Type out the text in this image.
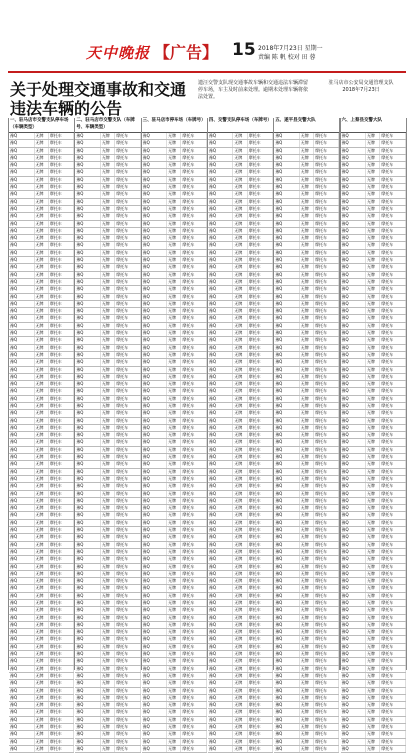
天中晚报 【广告】 15 2018年7月23日 星期一
责编 陈 帆 校对 田 蓉
关于处理交通事故和交通违法车辆的公告
遗汪交警支队现交通事故车辆和交通违法车辆滞留停车场，车主及时前来处理。逾期未处理车辆将依法处置。
驻马店市公安局交通管理支队
2018年7月23日
一、驻马店市交警支队停车场（车辆类型）
豫Q	无牌	摩托车
豫Q	无牌	摩托车
豫Q	无牌	摩托车
豫Q	无牌	摩托车
豫Q	无牌	摩托车
豫Q	无牌	摩托车
豫Q	无牌	摩托车
豫Q	无牌	摩托车
豫Q	无牌	摩托车
豫Q	无牌	摩托车
豫Q	无牌	摩托车
豫Q	无牌	摩托车
豫Q	无牌	摩托车
豫Q	无牌	摩托车
豫Q	无牌	摩托车
豫Q	无牌	摩托车
豫Q	无牌	摩托车
豫Q	无牌	摩托车
豫Q	无牌	摩托车
豫Q	无牌	摩托车
豫Q	无牌	摩托车
豫Q	无牌	摩托车
豫Q	无牌	摩托车
豫Q	无牌	摩托车
豫Q	无牌	摩托车
豫Q	无牌	摩托车
豫Q	无牌	摩托车
豫Q	无牌	摩托车
豫Q	无牌	摩托车
豫Q	无牌	摩托车
豫Q	无牌	摩托车
豫Q	无牌	摩托车
豫Q	无牌	摩托车
豫Q	无牌	摩托车
豫Q	无牌	摩托车
豫Q	无牌	摩托车
豫Q	无牌	摩托车
豫Q	无牌	摩托车
豫Q	无牌	摩托车
豫Q	无牌	摩托车
豫Q	无牌	摩托车
豫Q	无牌	摩托车
豫Q	无牌	摩托车
豫Q	无牌	摩托车
豫Q	无牌	摩托车
豫Q	无牌	摩托车
豫Q	无牌	摩托车
豫Q	无牌	摩托车
豫Q	无牌	摩托车
豫Q	无牌	摩托车
豫Q	无牌	摩托车
豫Q	无牌	摩托车
豫Q	无牌	摩托车
豫Q	无牌	摩托车
豫Q	无牌	摩托车
豫Q	无牌	摩托车
豫Q	无牌	摩托车
豫Q	无牌	摩托车
豫Q	无牌	摩托车
豫Q	无牌	摩托车
豫Q	无牌	摩托车
豫Q	无牌	摩托车
豫Q	无牌	摩托车
豫Q	无牌	摩托车
豫Q	无牌	摩托车
豫Q	无牌	摩托车
豫Q	无牌	摩托车
豫Q	无牌	摩托车
豫Q	无牌	摩托车
豫Q	无牌	摩托车
豫Q	无牌	摩托车
豫Q	无牌	摩托车
豫Q	无牌	摩托车
豫Q	无牌	摩托车
豫Q	无牌	摩托车
豫Q	无牌	摩托车
豫Q	无牌	摩托车
豫Q	无牌	摩托车
豫Q	无牌	摩托车
豫Q	无牌	摩托车
豫Q	无牌	摩托车
豫Q	无牌	摩托车
豫Q	无牌	摩托车
豫Q	无牌	摩托车
豫Q	无牌	摩托车
二、驻马店市交警支队（车牌号、车辆类型）
豫Q	无牌	摩托车
豫Q	无牌	摩托车
豫Q	无牌	摩托车
豫Q	无牌	摩托车
豫Q	无牌	摩托车
豫Q	无牌	摩托车
豫Q	无牌	摩托车
豫Q	无牌	摩托车
豫Q	无牌	摩托车
豫Q	无牌	摩托车
豫Q	无牌	摩托车
豫Q	无牌	摩托车
豫Q	无牌	摩托车
豫Q	无牌	摩托车
豫Q	无牌	摩托车
豫Q	无牌	摩托车
豫Q	无牌	摩托车
豫Q	无牌	摩托车
豫Q	无牌	摩托车
豫Q	无牌	摩托车
豫Q	无牌	摩托车
豫Q	无牌	摩托车
豫Q	无牌	摩托车
豫Q	无牌	摩托车
豫Q	无牌	摩托车
豫Q	无牌	摩托车
豫Q	无牌	摩托车
豫Q	无牌	摩托车
豫Q	无牌	摩托车
豫Q	无牌	摩托车
豫Q	无牌	摩托车
豫Q	无牌	摩托车
豫Q	无牌	摩托车
豫Q	无牌	摩托车
豫Q	无牌	摩托车
豫Q	无牌	摩托车
豫Q	无牌	摩托车
豫Q	无牌	摩托车
豫Q	无牌	摩托车
豫Q	无牌	摩托车
豫Q	无牌	摩托车
豫Q	无牌	摩托车
豫Q	无牌	摩托车
豫Q	无牌	摩托车
豫Q	无牌	摩托车
豫Q	无牌	摩托车
豫Q	无牌	摩托车
豫Q	无牌	摩托车
豫Q	无牌	摩托车
豫Q	无牌	摩托车
豫Q	无牌	摩托车
豫Q	无牌	摩托车
豫Q	无牌	摩托车
豫Q	无牌	摩托车
豫Q	无牌	摩托车
豫Q	无牌	摩托车
豫Q	无牌	摩托车
豫Q	无牌	摩托车
豫Q	无牌	摩托车
豫Q	无牌	摩托车
豫Q	无牌	摩托车
豫Q	无牌	摩托车
豫Q	无牌	摩托车
豫Q	无牌	摩托车
豫Q	无牌	摩托车
豫Q	无牌	摩托车
豫Q	无牌	摩托车
豫Q	无牌	摩托车
豫Q	无牌	摩托车
豫Q	无牌	摩托车
豫Q	无牌	摩托车
豫Q	无牌	摩托车
豫Q	无牌	摩托车
豫Q	无牌	摩托车
豫Q	无牌	摩托车
豫Q	无牌	摩托车
豫Q	无牌	摩托车
豫Q	无牌	摩托车
豫Q	无牌	摩托车
豫Q	无牌	摩托车
豫Q	无牌	摩托车
豫Q	无牌	摩托车
豫Q	无牌	摩托车
豫Q	无牌	摩托车
豫Q	无牌	摩托车
三、驻马店市停车场（车牌号）
豫Q	无牌	摩托车
豫Q	无牌	摩托车
豫Q	无牌	摩托车
豫Q	无牌	摩托车
豫Q	无牌	摩托车
豫Q	无牌	摩托车
豫Q	无牌	摩托车
豫Q	无牌	摩托车
豫Q	无牌	摩托车
豫Q	无牌	摩托车
豫Q	无牌	摩托车
豫Q	无牌	摩托车
豫Q	无牌	摩托车
豫Q	无牌	摩托车
豫Q	无牌	摩托车
豫Q	无牌	摩托车
豫Q	无牌	摩托车
豫Q	无牌	摩托车
豫Q	无牌	摩托车
豫Q	无牌	摩托车
豫Q	无牌	摩托车
豫Q	无牌	摩托车
豫Q	无牌	摩托车
豫Q	无牌	摩托车
豫Q	无牌	摩托车
豫Q	无牌	摩托车
豫Q	无牌	摩托车
豫Q	无牌	摩托车
豫Q	无牌	摩托车
豫Q	无牌	摩托车
豫Q	无牌	摩托车
豫Q	无牌	摩托车
豫Q	无牌	摩托车
豫Q	无牌	摩托车
豫Q	无牌	摩托车
豫Q	无牌	摩托车
豫Q	无牌	摩托车
豫Q	无牌	摩托车
豫Q	无牌	摩托车
豫Q	无牌	摩托车
豫Q	无牌	摩托车
豫Q	无牌	摩托车
豫Q	无牌	摩托车
豫Q	无牌	摩托车
豫Q	无牌	摩托车
豫Q	无牌	摩托车
豫Q	无牌	摩托车
豫Q	无牌	摩托车
豫Q	无牌	摩托车
豫Q	无牌	摩托车
豫Q	无牌	摩托车
豫Q	无牌	摩托车
豫Q	无牌	摩托车
豫Q	无牌	摩托车
豫Q	无牌	摩托车
豫Q	无牌	摩托车
豫Q	无牌	摩托车
豫Q	无牌	摩托车
豫Q	无牌	摩托车
豫Q	无牌	摩托车
豫Q	无牌	摩托车
豫Q	无牌	摩托车
豫Q	无牌	摩托车
豫Q	无牌	摩托车
豫Q	无牌	摩托车
豫Q	无牌	摩托车
豫Q	无牌	摩托车
豫Q	无牌	摩托车
豫Q	无牌	摩托车
豫Q	无牌	摩托车
豫Q	无牌	摩托车
豫Q	无牌	摩托车
豫Q	无牌	摩托车
豫Q	无牌	摩托车
豫Q	无牌	摩托车
豫Q	无牌	摩托车
豫Q	无牌	摩托车
豫Q	无牌	摩托车
豫Q	无牌	摩托车
豫Q	无牌	摩托车
豫Q	无牌	摩托车
豫Q	无牌	摩托车
豫Q	无牌	摩托车
豫Q	无牌	摩托车
豫Q	无牌	摩托车
四、交警支队停车场（车牌号）
豫Q	无牌	摩托车
豫Q	无牌	摩托车
豫Q	无牌	摩托车
豫Q	无牌	摩托车
豫Q	无牌	摩托车
豫Q	无牌	摩托车
豫Q	无牌	摩托车
豫Q	无牌	摩托车
豫Q	无牌	摩托车
豫Q	无牌	摩托车
豫Q	无牌	摩托车
豫Q	无牌	摩托车
豫Q	无牌	摩托车
豫Q	无牌	摩托车
豫Q	无牌	摩托车
豫Q	无牌	摩托车
豫Q	无牌	摩托车
豫Q	无牌	摩托车
豫Q	无牌	摩托车
豫Q	无牌	摩托车
豫Q	无牌	摩托车
豫Q	无牌	摩托车
豫Q	无牌	摩托车
豫Q	无牌	摩托车
豫Q	无牌	摩托车
豫Q	无牌	摩托车
豫Q	无牌	摩托车
豫Q	无牌	摩托车
豫Q	无牌	摩托车
豫Q	无牌	摩托车
豫Q	无牌	摩托车
豫Q	无牌	摩托车
豫Q	无牌	摩托车
豫Q	无牌	摩托车
豫Q	无牌	摩托车
豫Q	无牌	摩托车
豫Q	无牌	摩托车
豫Q	无牌	摩托车
豫Q	无牌	摩托车
豫Q	无牌	摩托车
豫Q	无牌	摩托车
豫Q	无牌	摩托车
豫Q	无牌	摩托车
豫Q	无牌	摩托车
豫Q	无牌	摩托车
豫Q	无牌	摩托车
豫Q	无牌	摩托车
豫Q	无牌	摩托车
豫Q	无牌	摩托车
豫Q	无牌	摩托车
豫Q	无牌	摩托车
豫Q	无牌	摩托车
豫Q	无牌	摩托车
豫Q	无牌	摩托车
豫Q	无牌	摩托车
豫Q	无牌	摩托车
豫Q	无牌	摩托车
豫Q	无牌	摩托车
豫Q	无牌	摩托车
豫Q	无牌	摩托车
豫Q	无牌	摩托车
豫Q	无牌	摩托车
豫Q	无牌	摩托车
豫Q	无牌	摩托车
豫Q	无牌	摩托车
豫Q	无牌	摩托车
豫Q	无牌	摩托车
豫Q	无牌	摩托车
豫Q	无牌	摩托车
豫Q	无牌	摩托车
豫Q	无牌	摩托车
豫Q	无牌	摩托车
豫Q	无牌	摩托车
豫Q	无牌	摩托车
豫Q	无牌	摩托车
豫Q	无牌	摩托车
豫Q	无牌	摩托车
豫Q	无牌	摩托车
豫Q	无牌	摩托车
豫Q	无牌	摩托车
豫Q	无牌	摩托车
豫Q	无牌	摩托车
豫Q	无牌	摩托车
豫Q	无牌	摩托车
豫Q	无牌	摩托车
五、遂平县交警大队
豫Q	无牌	摩托车
豫Q	无牌	摩托车
豫Q	无牌	摩托车
豫Q	无牌	摩托车
豫Q	无牌	摩托车
豫Q	无牌	摩托车
豫Q	无牌	摩托车
豫Q	无牌	摩托车
豫Q	无牌	摩托车
豫Q	无牌	摩托车
豫Q	无牌	摩托车
豫Q	无牌	摩托车
豫Q	无牌	摩托车
豫Q	无牌	摩托车
豫Q	无牌	摩托车
豫Q	无牌	摩托车
豫Q	无牌	摩托车
豫Q	无牌	摩托车
豫Q	无牌	摩托车
豫Q	无牌	摩托车
豫Q	无牌	摩托车
豫Q	无牌	摩托车
豫Q	无牌	摩托车
豫Q	无牌	摩托车
豫Q	无牌	摩托车
豫Q	无牌	摩托车
豫Q	无牌	摩托车
豫Q	无牌	摩托车
豫Q	无牌	摩托车
豫Q	无牌	摩托车
豫Q	无牌	摩托车
豫Q	无牌	摩托车
豫Q	无牌	摩托车
豫Q	无牌	摩托车
豫Q	无牌	摩托车
豫Q	无牌	摩托车
豫Q	无牌	摩托车
豫Q	无牌	摩托车
豫Q	无牌	摩托车
豫Q	无牌	摩托车
豫Q	无牌	摩托车
豫Q	无牌	摩托车
豫Q	无牌	摩托车
豫Q	无牌	摩托车
豫Q	无牌	摩托车
豫Q	无牌	摩托车
豫Q	无牌	摩托车
豫Q	无牌	摩托车
豫Q	无牌	摩托车
豫Q	无牌	摩托车
豫Q	无牌	摩托车
豫Q	无牌	摩托车
豫Q	无牌	摩托车
豫Q	无牌	摩托车
豫Q	无牌	摩托车
豫Q	无牌	摩托车
豫Q	无牌	摩托车
豫Q	无牌	摩托车
豫Q	无牌	摩托车
豫Q	无牌	摩托车
豫Q	无牌	摩托车
豫Q	无牌	摩托车
豫Q	无牌	摩托车
豫Q	无牌	摩托车
豫Q	无牌	摩托车
豫Q	无牌	摩托车
豫Q	无牌	摩托车
豫Q	无牌	摩托车
豫Q	无牌	摩托车
豫Q	无牌	摩托车
豫Q	无牌	摩托车
豫Q	无牌	摩托车
豫Q	无牌	摩托车
豫Q	无牌	摩托车
豫Q	无牌	摩托车
豫Q	无牌	摩托车
豫Q	无牌	摩托车
豫Q	无牌	摩托车
豫Q	无牌	摩托车
豫Q	无牌	摩托车
豫Q	无牌	摩托车
豫Q	无牌	摩托车
豫Q	无牌	摩托车
豫Q	无牌	摩托车
豫Q	无牌	摩托车
六、上蔡县交警大队
豫Q	无牌	摩托车
豫Q	无牌	摩托车
豫Q	无牌	摩托车
豫Q	无牌	摩托车
豫Q	无牌	摩托车
豫Q	无牌	摩托车
豫Q	无牌	摩托车
豫Q	无牌	摩托车
豫Q	无牌	摩托车
豫Q	无牌	摩托车
豫Q	无牌	摩托车
豫Q	无牌	摩托车
豫Q	无牌	摩托车
豫Q	无牌	摩托车
豫Q	无牌	摩托车
豫Q	无牌	摩托车
豫Q	无牌	摩托车
豫Q	无牌	摩托车
豫Q	无牌	摩托车
豫Q	无牌	摩托车
豫Q	无牌	摩托车
豫Q	无牌	摩托车
豫Q	无牌	摩托车
豫Q	无牌	摩托车
豫Q	无牌	摩托车
豫Q	无牌	摩托车
豫Q	无牌	摩托车
豫Q	无牌	摩托车
豫Q	无牌	摩托车
豫Q	无牌	摩托车
豫Q	无牌	摩托车
豫Q	无牌	摩托车
豫Q	无牌	摩托车
豫Q	无牌	摩托车
豫Q	无牌	摩托车
豫Q	无牌	摩托车
豫Q	无牌	摩托车
豫Q	无牌	摩托车
豫Q	无牌	摩托车
豫Q	无牌	摩托车
豫Q	无牌	摩托车
豫Q	无牌	摩托车
豫Q	无牌	摩托车
豫Q	无牌	摩托车
豫Q	无牌	摩托车
豫Q	无牌	摩托车
豫Q	无牌	摩托车
豫Q	无牌	摩托车
豫Q	无牌	摩托车
豫Q	无牌	摩托车
豫Q	无牌	摩托车
豫Q	无牌	摩托车
豫Q	无牌	摩托车
豫Q	无牌	摩托车
豫Q	无牌	摩托车
豫Q	无牌	摩托车
豫Q	无牌	摩托车
豫Q	无牌	摩托车
豫Q	无牌	摩托车
豫Q	无牌	摩托车
豫Q	无牌	摩托车
豫Q	无牌	摩托车
豫Q	无牌	摩托车
豫Q	无牌	摩托车
豫Q	无牌	摩托车
豫Q	无牌	摩托车
豫Q	无牌	摩托车
豫Q	无牌	摩托车
豫Q	无牌	摩托车
豫Q	无牌	摩托车
豫Q	无牌	摩托车
豫Q	无牌	摩托车
豫Q	无牌	摩托车
豫Q	无牌	摩托车
豫Q	无牌	摩托车
豫Q	无牌	摩托车
豫Q	无牌	摩托车
豫Q	无牌	摩托车
豫Q	无牌	摩托车
豫Q	无牌	摩托车
豫Q	无牌	摩托车
豫Q	无牌	摩托车
豫Q	无牌	摩托车
豫Q	无牌	摩托车
豫Q	无牌	摩托车
